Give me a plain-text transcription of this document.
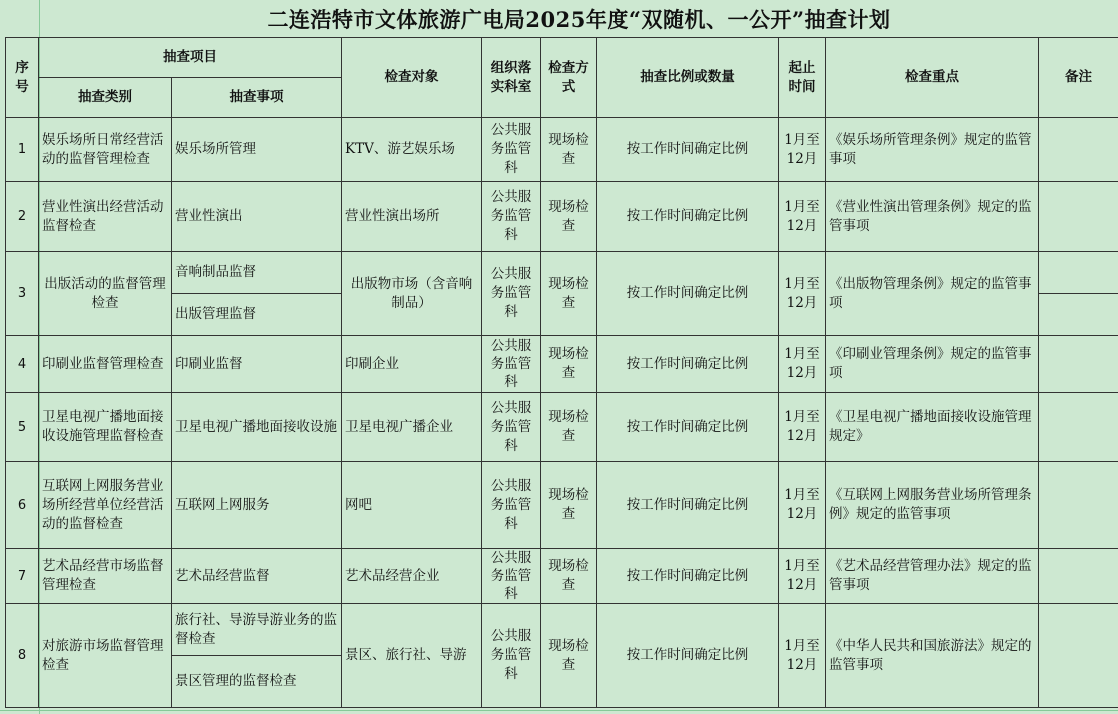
二连浩特市文体旅游广电局2025年度“双随机、一公开”抽查计划
序号	抽查项目		检查对象	组织落实科室	检查方式	抽查比例或数量	起止时间	检查重点	备注
	抽查类别	抽查事项							
1	娱乐场所日常经营活动的监督管理检查	娱乐场所管理	KTV、游艺娱乐场	公共服务监管科	现场检查	按工作时间确定比例	1月至12月	《娱乐场所管理条例》规定的监管事项	
2	营业性演出经营活动监督检查	营业性演出	营业性演出场所	公共服务监管科	现场检查	按工作时间确定比例	1月至12月	《营业性演出管理条例》规定的监管事项	
3	出版活动的监督管理检查	音响制品监督	出版物市场（含音响制品）	公共服务监管科	现场检查	按工作时间确定比例	1月至12月	《出版物管理条例》规定的监管事项	
		出版管理监督							
4	印刷业监督管理检查	印刷业监督	印刷企业	公共服务监管科	现场检查	按工作时间确定比例	1月至12月	《印刷业管理条例》规定的监管事项	
5	卫星电视广播地面接收设施管理监督检查	卫星电视广播地面接收设施	卫星电视广播企业	公共服务监管科	现场检查	按工作时间确定比例	1月至12月	《卫星电视广播地面接收设施管理规定》	
6	互联网上网服务营业场所经营单位经营活动的监督检查	互联网上网服务	网吧	公共服务监管科	现场检查	按工作时间确定比例	1月至12月	《互联网上网服务营业场所管理条例》规定的监管事项	
7	艺术品经营市场监督管理检查	艺术品经营监督	艺术品经营企业	公共服务监管科	现场检查	按工作时间确定比例	1月至12月	《艺术品经营管理办法》规定的监管事项	
8	对旅游市场监督管理检查	旅行社、导游导游业务的监督检查	景区、旅行社、导游	公共服务监管科	现场检查	按工作时间确定比例	1月至12月	《中华人民共和国旅游法》规定的监管事项	
		景区管理的监督检查							
